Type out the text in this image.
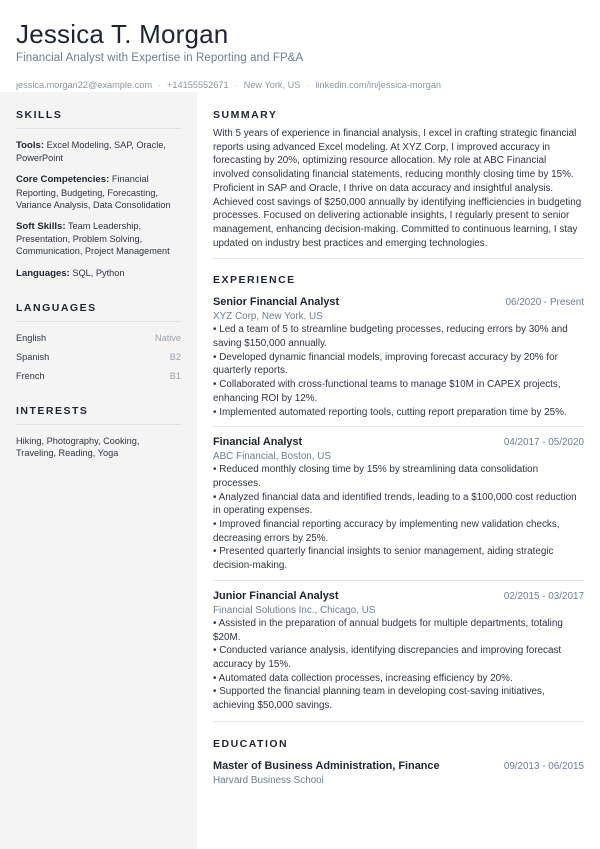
Jessica T. Morgan
Financial Analyst with Expertise in Reporting and FP&A
jessica.morgan22@example.com · +14155552671 · New York, US · linkedin.com/in/jessica-morgan
SKILLS
Tools: Excel Modeling, SAP, Oracle, PowerPoint
Core Competencies: Financial Reporting, Budgeting, Forecasting, Variance Analysis, Data Consolidation
Soft Skills: Team Leadership, Presentation, Problem Solving, Communication, Project Management
Languages: SQL, Python
LANGUAGES
English	Native
Spanish	B2
French	B1
INTERESTS
Hiking, Photography, Cooking, Traveling, Reading, Yoga
SUMMARY
With 5 years of experience in financial analysis, I excel in crafting strategic financial reports using advanced Excel modeling. At XYZ Corp, I improved accuracy in forecasting by 20%, optimizing resource allocation. My role at ABC Financial involved consolidating financial statements, reducing monthly closing time by 15%. Proficient in SAP and Oracle, I thrive on data accuracy and insightful analysis. Achieved cost savings of $250,000 annually by identifying inefficiencies in budgeting processes. Focused on delivering actionable insights, I regularly present to senior management, enhancing decision-making. Committed to continuous learning, I stay updated on industry best practices and emerging technologies.
EXPERIENCE
Senior Financial Analyst	06/2020 - Present
XYZ Corp, New York, US
• Led a team of 5 to streamline budgeting processes, reducing errors by 30% and saving $150,000 annually.
• Developed dynamic financial models, improving forecast accuracy by 20% for quarterly reports.
• Collaborated with cross-functional teams to manage $10M in CAPEX projects, enhancing ROI by 12%.
• Implemented automated reporting tools, cutting report preparation time by 25%.
Financial Analyst	04/2017 - 05/2020
ABC Financial, Boston, US
• Reduced monthly closing time by 15% by streamlining data consolidation processes.
• Analyzed financial data and identified trends, leading to a $100,000 cost reduction in operating expenses.
• Improved financial reporting accuracy by implementing new validation checks, decreasing errors by 25%.
• Presented quarterly financial insights to senior management, aiding strategic decision-making.
Junior Financial Analyst	02/2015 - 03/2017
Financial Solutions Inc., Chicago, US
• Assisted in the preparation of annual budgets for multiple departments, totaling $20M.
• Conducted variance analysis, identifying discrepancies and improving forecast accuracy by 15%.
• Automated data collection processes, increasing efficiency by 20%.
• Supported the financial planning team in developing cost-saving initiatives, achieving $50,000 savings.
EDUCATION
Master of Business Administration, Finance	09/2013 - 06/2015
Harvard Business School
